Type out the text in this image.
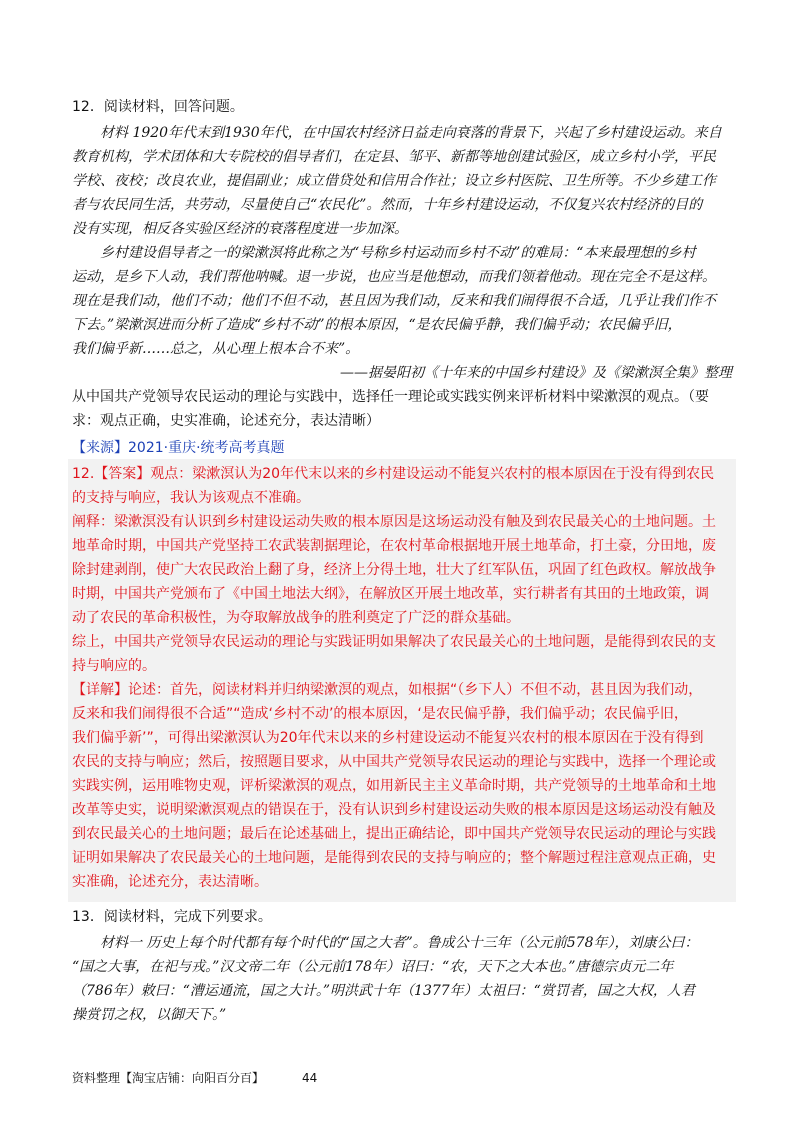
12．阅读材料，回答问题。
材料 1920年代末到1930年代，在中国农村经济日益走向衰落的背景下，兴起了乡村建设运动。来自
教育机构，学术团体和大专院校的倡导者们，在定县、邹平、新都等地创建试验区，成立乡村小学，平民
学校、夜校；改良农业，提倡副业；成立借贷处和信用合作社；设立乡村医院、卫生所等。不少乡建工作
者与农民同生活，共劳动，尽量使自己“农民化”。然而，十年乡村建设运动，不仅复兴农村经济的目的
没有实现，相反各实验区经济的衰落程度进一步加深。
乡村建设倡导者之一的梁漱溟将此称之为“号称乡村运动而乡村不动”的难局：“本来最理想的乡村
运动，是乡下人动，我们帮他呐喊。退一步说，也应当是他想动，而我们领着他动。现在完全不是这样。
现在是我们动，他们不动；他们不但不动，甚且因为我们动，反来和我们闹得很不合适，几乎让我们作不
下去。”梁漱溟进而分析了造成“乡村不动”的根本原因，“是农民偏乎静，我们偏乎动；农民偏乎旧，
我们偏乎新……总之，从心理上根本合不来”。
——据晏阳初《十年来的中国乡村建设》及《梁漱溟全集》整理
从中国共产党领导农民运动的理论与实践中，选择任一理论或实践实例来评析材料中梁漱溟的观点。（要
求：观点正确，史实准确，论述充分，表达清晰）
【来源】2021·重庆·统考高考真题
12.【答案】观点：梁漱溟认为20年代末以来的乡村建设运动不能复兴农村的根本原因在于没有得到农民
的支持与响应，我认为该观点不准确。
阐释：梁漱溟没有认识到乡村建设运动失败的根本原因是这场运动没有触及到农民最关心的土地问题。土
地革命时期，中国共产党坚持工农武装割据理论，在农村革命根据地开展土地革命，打土豪，分田地，废
除封建剥削，使广大农民政治上翻了身，经济上分得土地，壮大了红军队伍，巩固了红色政权。解放战争
时期，中国共产党颁布了《中国土地法大纲》，在解放区开展土地改革，实行耕者有其田的土地政策，调
动了农民的革命积极性，为夺取解放战争的胜利奠定了广泛的群众基础。
综上，中国共产党领导农民运动的理论与实践证明如果解决了农民最关心的土地问题，是能得到农民的支
持与响应的。
【详解】论述：首先，阅读材料并归纳梁漱溟的观点，如根据“（乡下人）不但不动，甚且因为我们动，
反来和我们闹得很不合适”“造成‘乡村不动’的根本原因，‘是农民偏乎静，我们偏乎动；农民偏乎旧，
我们偏乎新’”，可得出梁漱溟认为20年代末以来的乡村建设运动不能复兴农村的根本原因在于没有得到
农民的支持与响应；然后，按照题目要求，从中国共产党领导农民运动的理论与实践中，选择一个理论或
实践实例，运用唯物史观，评析梁漱溟的观点，如用新民主主义革命时期，共产党领导的土地革命和土地
改革等史实，说明梁漱溟观点的错误在于，没有认识到乡村建设运动失败的根本原因是这场运动没有触及
到农民最关心的土地问题；最后在论述基础上，提出正确结论，即中国共产党领导农民运动的理论与实践
证明如果解决了农民最关心的土地问题，是能得到农民的支持与响应的；整个解题过程注意观点正确，史
实准确，论述充分，表达清晰。
13．阅读材料，完成下列要求。
材料一 历史上每个时代都有每个时代的“国之大者”。鲁成公十三年（公元前578年），刘康公曰：
“国之大事，在祀与戎。”汉文帝二年（公元前178年）诏曰：“农，天下之大本也。”唐德宗贞元二年
（786年）敕曰：“漕运通流，国之大计。”明洪武十年（1377年）太祖曰：“赏罚者，国之大权，人君
操赏罚之权，以御天下。”
资料整理【淘宝店铺：向阳百分百】	44
